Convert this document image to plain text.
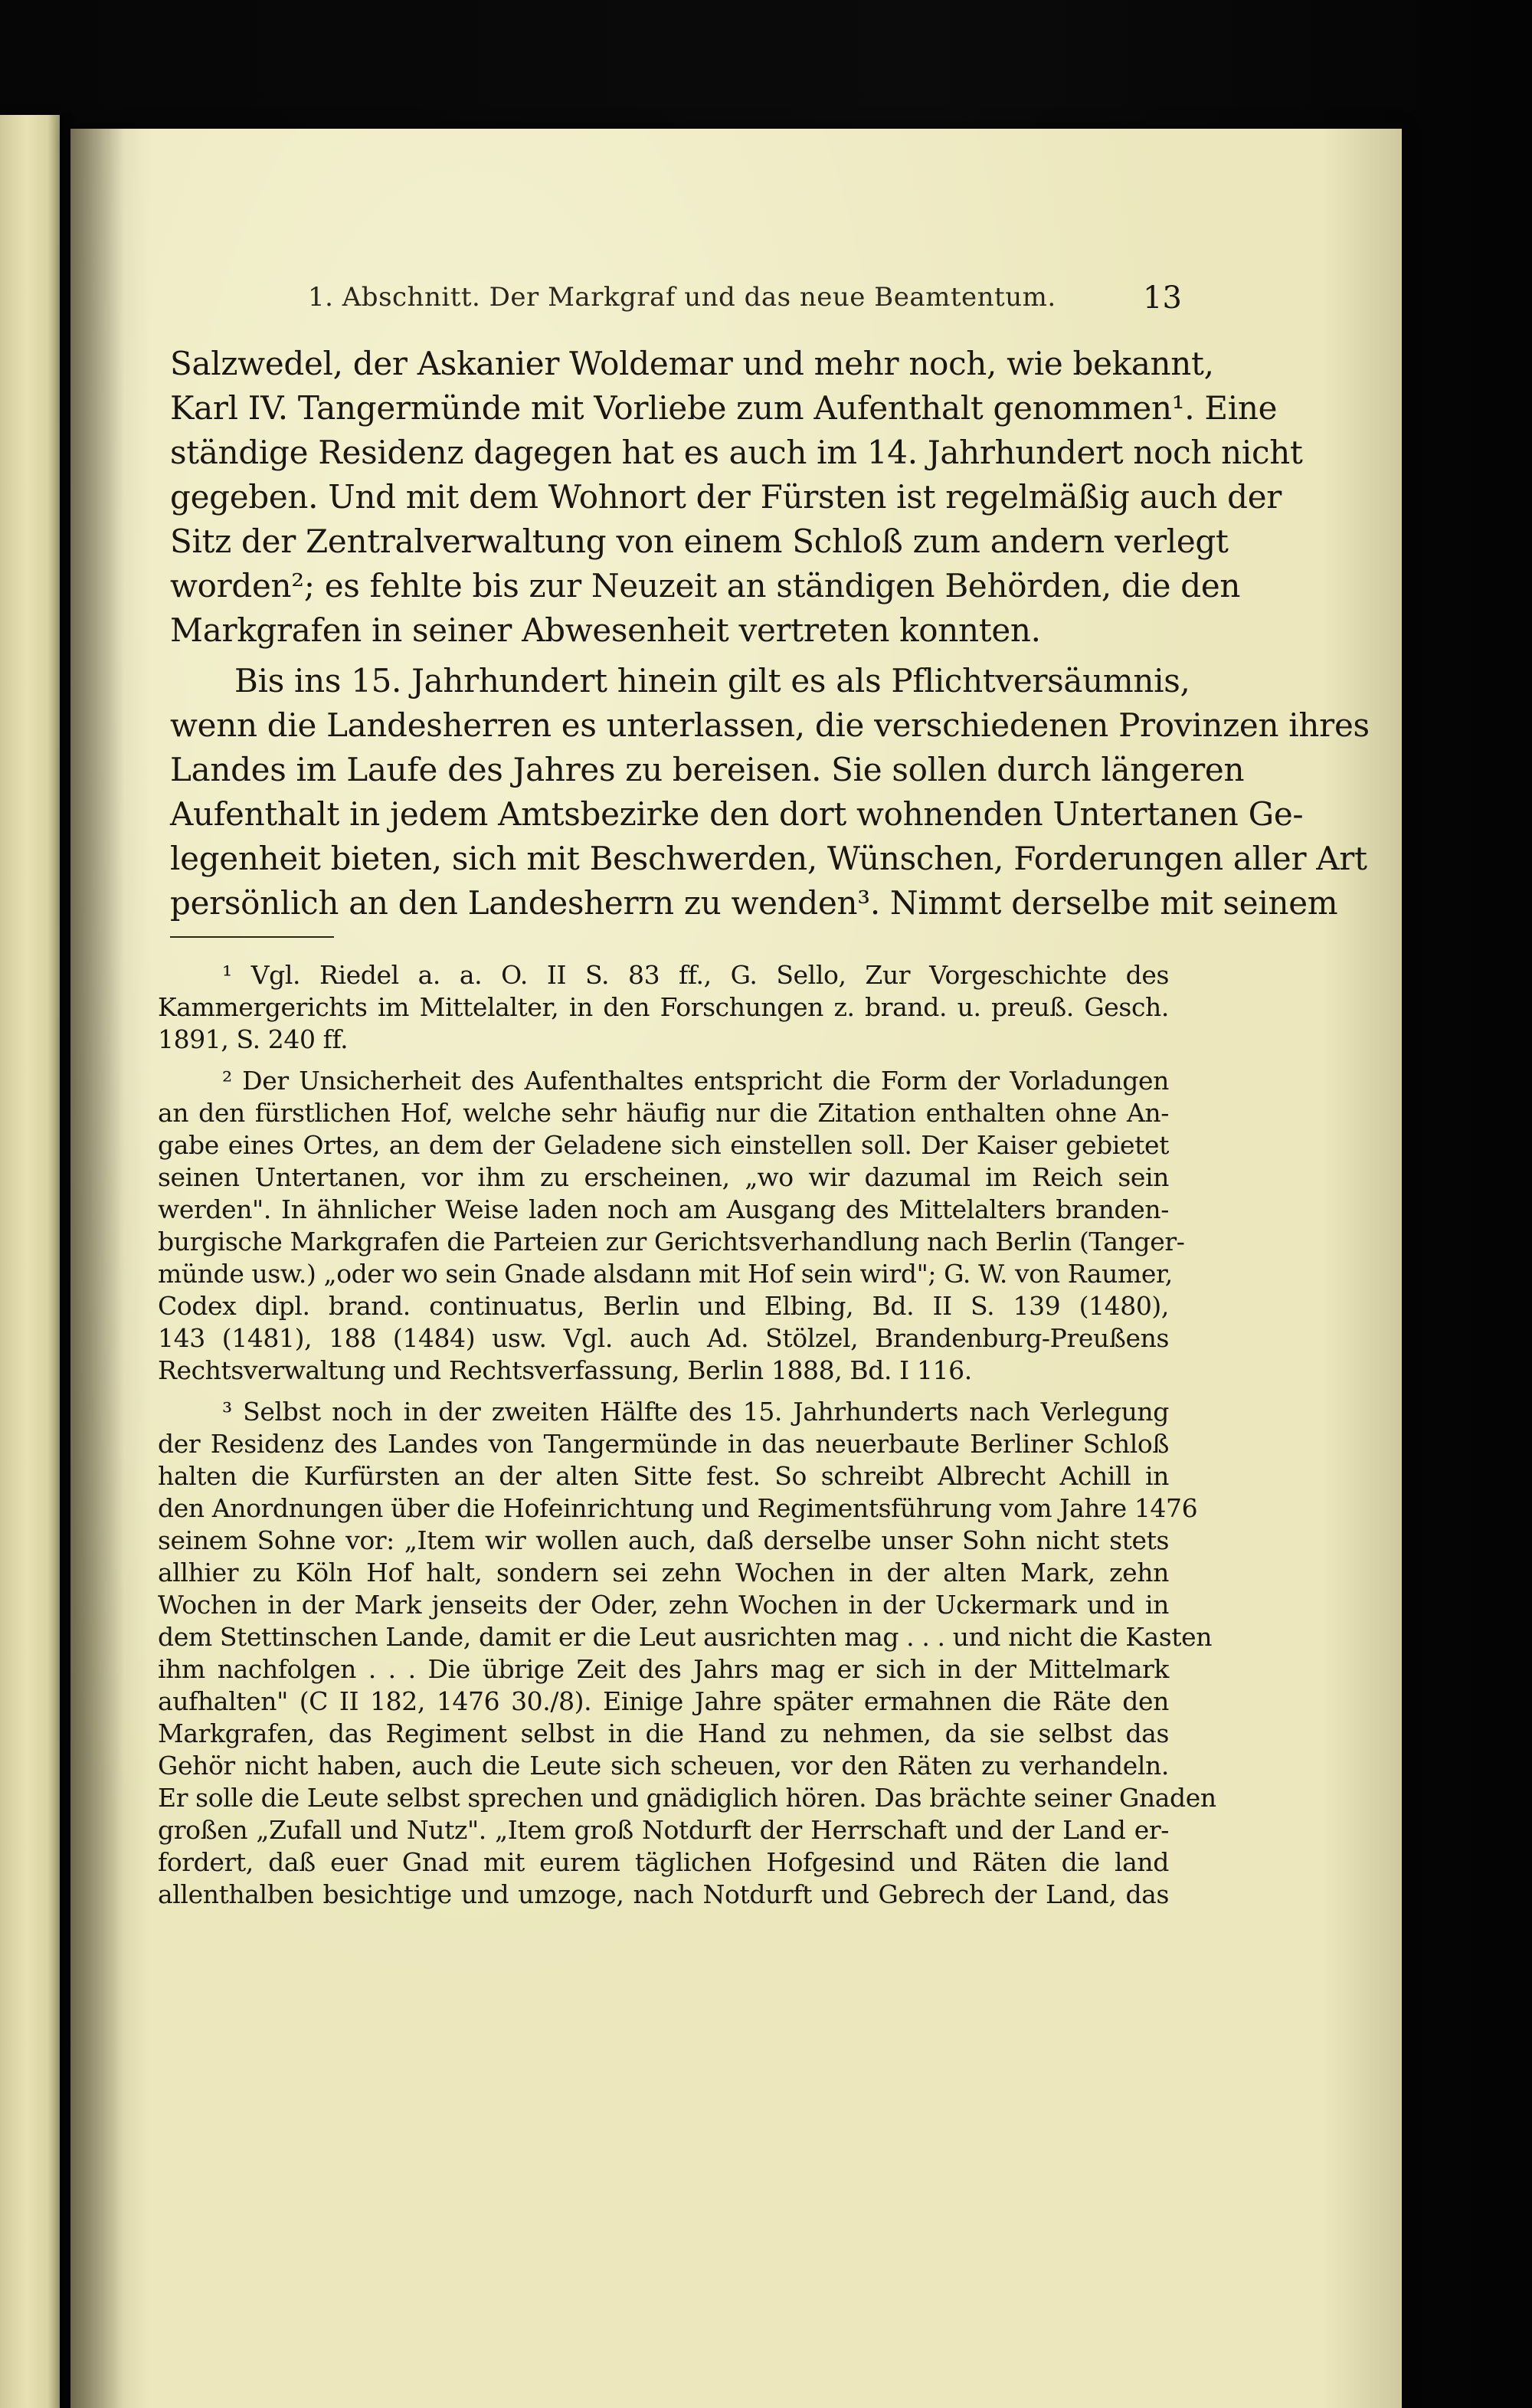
1. Abschnitt. Der Markgraf und das neue Beamtentum.	13
Salzwedel, der Askanier Woldemar und mehr noch, wie bekannt,
Karl IV. Tangermünde mit Vorliebe zum Aufenthalt genommen¹. Eine
ständige Residenz dagegen hat es auch im 14. Jahrhundert noch nicht
gegeben. Und mit dem Wohnort der Fürsten ist regelmäßig auch der
Sitz der Zentralverwaltung von einem Schloß zum andern verlegt
worden²; es fehlte bis zur Neuzeit an ständigen Behörden, die den
Markgrafen in seiner Abwesenheit vertreten konnten.
Bis ins 15. Jahrhundert hinein gilt es als Pflichtversäumnis,
wenn die Landesherren es unterlassen, die verschiedenen Provinzen ihres
Landes im Laufe des Jahres zu bereisen. Sie sollen durch längeren
Aufenthalt in jedem Amtsbezirke den dort wohnenden Untertanen Ge-
legenheit bieten, sich mit Beschwerden, Wünschen, Forderungen aller Art
persönlich an den Landesherrn zu wenden³. Nimmt derselbe mit seinem
¹ Vgl. Riedel a. a. O. II S. 83 ff., G. Sello, Zur Vorgeschichte des
Kammergerichts im Mittelalter, in den Forschungen z. brand. u. preuß. Gesch.
1891, S. 240 ff.
² Der Unsicherheit des Aufenthaltes entspricht die Form der Vorladungen
an den fürstlichen Hof, welche sehr häufig nur die Zitation enthalten ohne An-
gabe eines Ortes, an dem der Geladene sich einstellen soll. Der Kaiser gebietet
seinen Untertanen, vor ihm zu erscheinen, „wo wir dazumal im Reich sein
werden". In ähnlicher Weise laden noch am Ausgang des Mittelalters branden-
burgische Markgrafen die Parteien zur Gerichtsverhandlung nach Berlin (Tanger-
münde usw.) „oder wo sein Gnade alsdann mit Hof sein wird"; G. W. von Raumer,
Codex dipl. brand. continuatus, Berlin und Elbing, Bd. II S. 139 (1480),
143 (1481), 188 (1484) usw. Vgl. auch Ad. Stölzel, Brandenburg-Preußens
Rechtsverwaltung und Rechtsverfassung, Berlin 1888, Bd. I 116.
³ Selbst noch in der zweiten Hälfte des 15. Jahrhunderts nach Verlegung
der Residenz des Landes von Tangermünde in das neuerbaute Berliner Schloß
halten die Kurfürsten an der alten Sitte fest. So schreibt Albrecht Achill in
den Anordnungen über die Hofeinrichtung und Regimentsführung vom Jahre 1476
seinem Sohne vor: „Item wir wollen auch, daß derselbe unser Sohn nicht stets
allhier zu Köln Hof halt, sondern sei zehn Wochen in der alten Mark, zehn
Wochen in der Mark jenseits der Oder, zehn Wochen in der Uckermark und in
dem Stettinschen Lande, damit er die Leut ausrichten mag . . . und nicht die Kasten
ihm nachfolgen . . . Die übrige Zeit des Jahrs mag er sich in der Mittelmark
aufhalten" (C II 182, 1476 30./8). Einige Jahre später ermahnen die Räte den
Markgrafen, das Regiment selbst in die Hand zu nehmen, da sie selbst das
Gehör nicht haben, auch die Leute sich scheuen, vor den Räten zu verhandeln.
Er solle die Leute selbst sprechen und gnädiglich hören. Das brächte seiner Gnaden
großen „Zufall und Nutz". „Item groß Notdurft der Herrschaft und der Land er-
fordert, daß euer Gnad mit eurem täglichen Hofgesind und Räten die land
allenthalben besichtige und umzoge, nach Notdurft und Gebrech der Land, das
